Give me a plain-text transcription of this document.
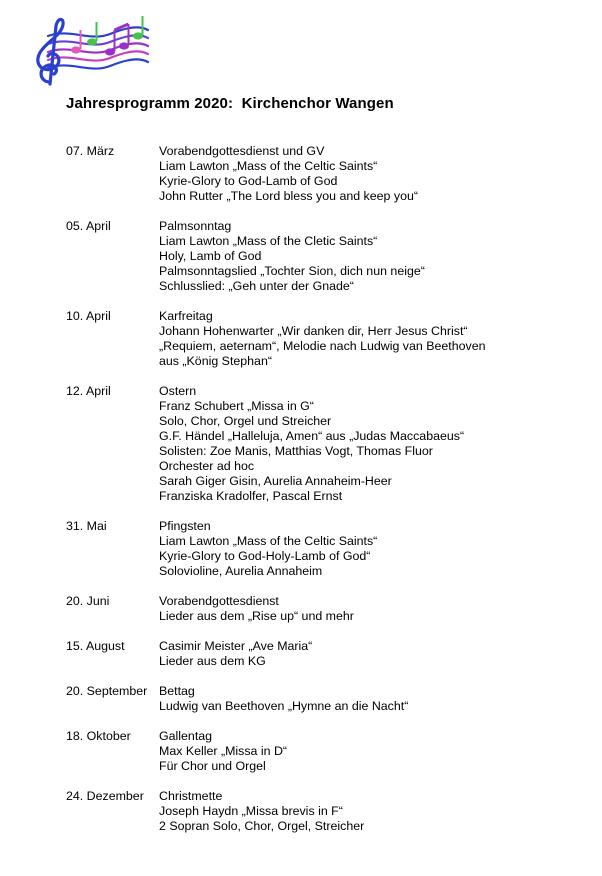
Jahresprogramm 2020:  Kirchenchor Wangen
07. März	Vorabendgottesdienst und GV
Liam Lawton „Mass of the Celtic Saints“
Kyrie-Glory to God-Lamb of God
John Rutter „The Lord bless you and keep you“
05. April	Palmsonntag
Liam Lawton „Mass of the Cletic Saints“
Holy, Lamb of God
Palmsonntagslied „Tochter Sion, dich nun neige“
Schlusslied: „Geh unter der Gnade“
10. April	Karfreitag
Johann Hohenwarter „Wir danken dir, Herr Jesus Christ“
„Requiem, aeternam“, Melodie nach Ludwig van Beethoven
aus „König Stephan“
12. April	Ostern
Franz Schubert „Missa in G“
Solo, Chor, Orgel und Streicher
G.F. Händel „Halleluja, Amen“ aus „Judas Maccabaeus“
Solisten: Zoe Manis, Matthias Vogt, Thomas Fluor
Orchester ad hoc
Sarah Giger Gisin, Aurelia Annaheim-Heer
Franziska Kradolfer, Pascal Ernst
31. Mai	Pfingsten
Liam Lawton „Mass of the Celtic Saints“
Kyrie-Glory to God-Holy-Lamb of God“
Solovioline, Aurelia Annaheim
20. Juni	Vorabendgottesdienst
Lieder aus dem „Rise up“ und mehr
15. August	Casimir Meister „Ave Maria“
Lieder aus dem KG
20. September Bettag
Ludwig van Beethoven „Hymne an die Nacht“
18. Oktober	Gallentag
Max Keller „Missa in D“
Für Chor und Orgel
24. Dezember	Christmette
Joseph Haydn „Missa brevis in F“
2 Sopran Solo, Chor, Orgel, Streicher
